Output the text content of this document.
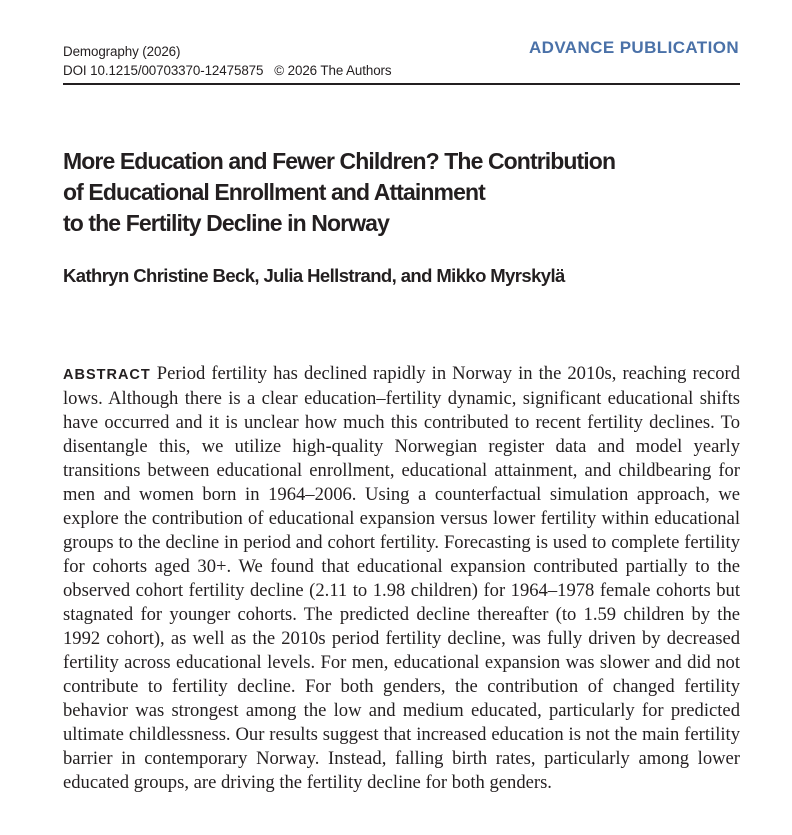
Demography (2026)
DOI 10.1215/00703370-12475875 © 2026 The Authors
ADVANCE PUBLICATION
More Education and Fewer Children? The Contribution
of Educational Enrollment and Attainment
to the Fertility Decline in Norway
Kathryn Christine Beck, Julia Hellstrand, and Mikko Myrskylä
ABSTRACT Period fertility has declined rapidly in Norway in the 2010s, reaching record lows. Although there is a clear education–fertility dynamic, significant educational shifts have occurred and it is unclear how much this contributed to recent fertility declines. To disentangle this, we utilize high-quality Norwegian register data and model yearly transitions between educational enrollment, educational attainment, and childbearing for men and women born in 1964–2006. Using a counterfactual simulation approach, we explore the contribution of educational expansion versus lower fertility within educational groups to the decline in period and cohort fertility. Forecasting is used to complete fertility for cohorts aged 30+. We found that educational expansion contributed partially to the observed cohort fertility decline (2.11 to 1.98 children) for 1964–1978 female cohorts but stagnated for younger cohorts. The predicted decline thereafter (to 1.59 children by the 1992 cohort), as well as the 2010s period fertility decline, was fully driven by decreased fertility across educational levels. For men, educational expansion was slower and did not contribute to fertility decline. For both genders, the contribution of changed fertility behavior was strongest among the low and medium educated, particularly for predicted ultimate childlessness. Our results suggest that increased education is not the main fertility barrier in contemporary Norway. Instead, falling birth rates, particularly among lower educated groups, are driving the fertility decline for both genders.
